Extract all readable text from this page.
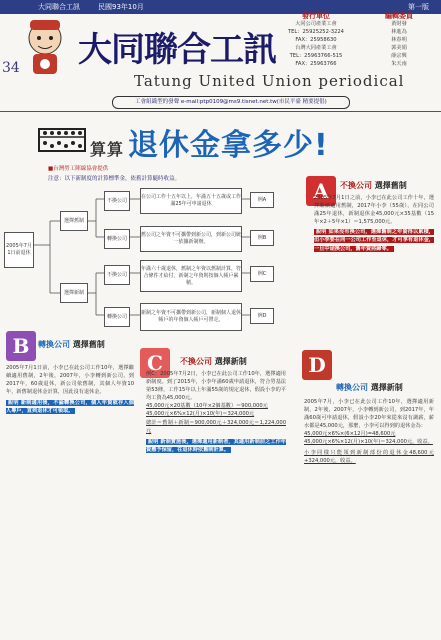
大同聯合工訊	民國93年10月	第一版
34 大同聯合工訊
Tatung United Union periodical
發行單位
大同公司產業工會
TEL：25925252-3224
FAX：25958630
台灣大同產業工會
TEL：25963766-515
FAX：25963766
編輯委員
黃財發
林進為
林春明
郭美娟
薛宗興
朱天南
工會組織型的發聲 e-mail:ptp0109@ms9.tisnet.net.tw(市民平臺 精要提倡)
算算 退休金拿多少!
■台灣勞工陣線協會提供
注意：以下新制度的計算標準金，依舊計算隨時收益。
2005年7月1日前退休
選擇舊制
選擇新制
不換公司
轉換公司
不換公司
轉換公司
在公司工作十五年以上，年滿五十五歲或工作滿25年可申請退休
舊公司之年資不可攜帶到新公司，到新公司統一依據新制辦。
年滿六十歲退休，舊制之年資以舊制計算，符合條件才給付，新制之年資則按個人帳戶累積。
新制之年資不可攜帶到新公司，新制個人退休帳戶的年資個人帳戶可帶走。
例A
例B
例C
例D
A	不換公司 選擇舊制
2005年7月1日之前，小李已在此公司工作十年，選擇繼續適用舊制，2017年小李（55歲），在同公司滿25年退休，新制退休金45,000元×35基數（15年×2＋5年×1）＝1,575,000元。
說明 如果沒有換公司，選擇舊制之年資得以累積，但小李要在同一公司工作至退休，才可享有退休金，一旦中途換公司，舊年資將歸零。
B	轉換公司 選擇舊制
2005年7月1日前，小李已在此公司工作10年，選擇繼續適用舊制，2年後，2007年，小李轉到新公司，到2017年，60歲退休，新公司依舊制，其個人年資10年，新舊制退休金計算，因此沒有退休金。
說明 新制適用後，不論轉換公司，個人年資就存入個人專戶，直到退休才可領取。
C	不換公司 選擇新制
例C：2005年7月2日，小李已在此公司工作10年，選擇適用新制度。到了2015年，小李年滿60歲申請退休，符合勞基法第53條，工作15年以上年滿55歲的規定退休，假設小李的平均工資為45,000元。
45,000元×20基數（10年×2個基數）＝900,000元
45,000元×6%×12(月)×10(年)＝324,000元
總計＝舊制＋新制＝900,000元＋324,000元＝1,224,000元
說明 新制實施後，選擇適用新制者，其適用新制前之工作年資應予保留，在退休時依舊制計算。
D
轉換公司 選擇新制
2005年7月，小李已在此公司工作10年，選擇適用新制，2年後，2007年，小李轉到新公司，到2017年，年滿60歲可申請退休，假設小李20年來從來沒有調薪，薪水都是45,000元，那麼，小李可以得到的退休金為：
45,000元×6%×(6×12月)=48,600元
45,000元×6%×12(月)×10(年)＝324,000元，收益。
小李同樣只能領到新制部份的退休金48,600元+324,000元，收益。
